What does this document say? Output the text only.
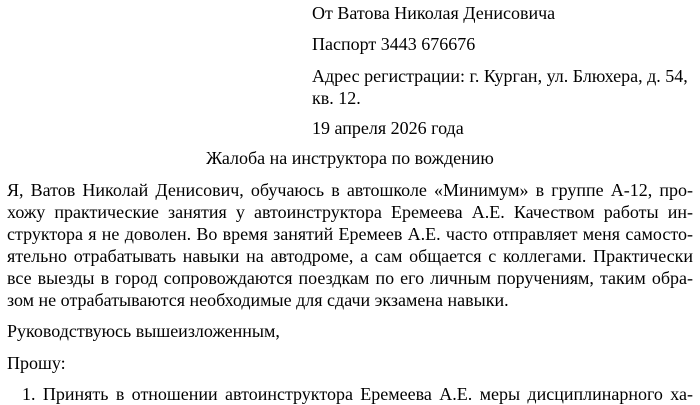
От Ватова Николая Денисовича
Паспорт 3443 676676
Адрес регистрации: г. Курган, ул. Блюхера, д. 54,
кв. 12.
19 апреля 2026 года
Жалоба на инструктора по вождению
Я, Ватов Николай Денисович, обучаюсь в автошколе «Минимум» в группе А-12, про-
хожу практические занятия у автоинструктора Еремеева А.Е. Качеством работы ин-
структора я не доволен. Во время занятий Еремеев А.Е. часто отправляет меня самосто-
ятельно отрабатывать навыки на автодроме, а сам общается с коллегами. Практически
все выезды в город сопровождаются поездкам по его личным поручениям, таким обра-
зом не отрабатываются необходимые для сдачи экзамена навыки.
Руководствуюсь вышеизложенным,
Прошу:
1. Принять в отношении автоинструктора Еремеева А.Е. меры дисциплинарного ха-
